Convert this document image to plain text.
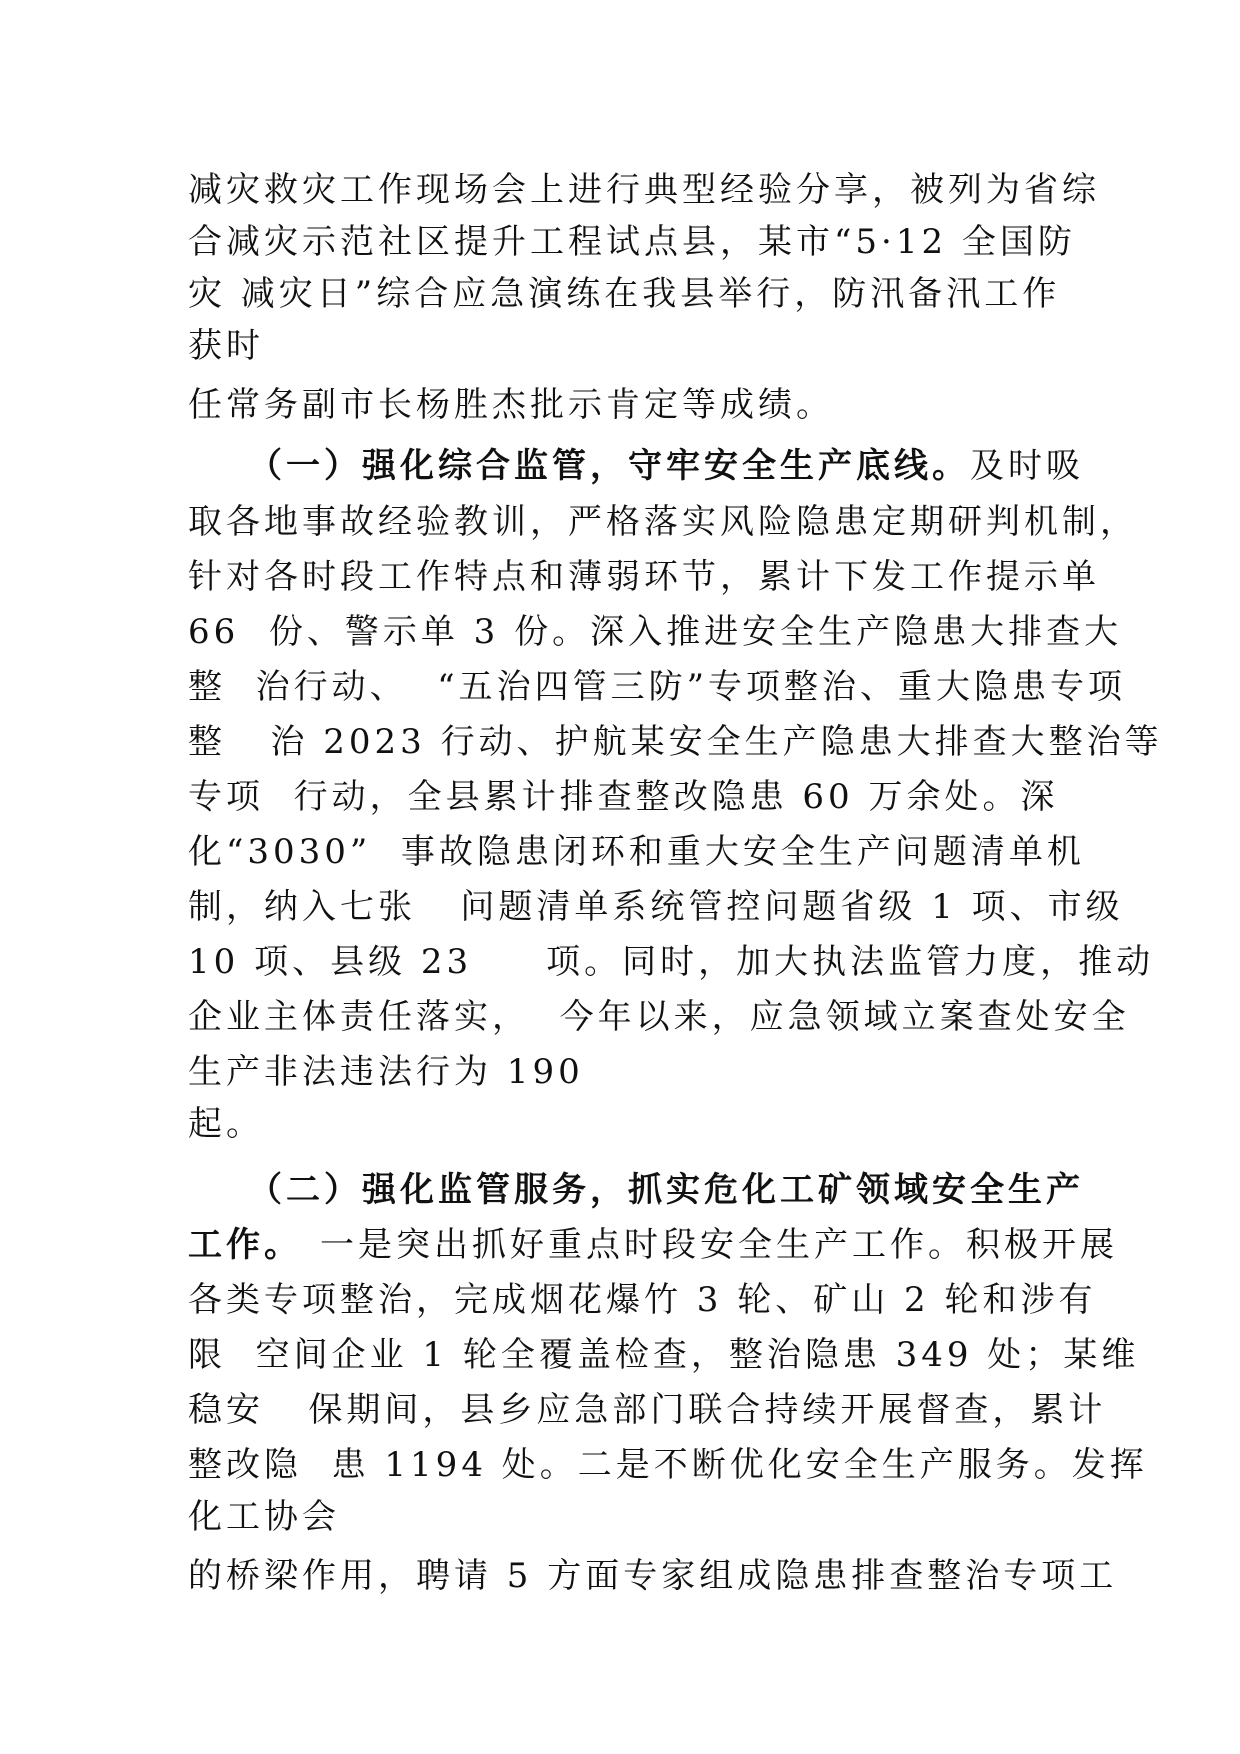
减灾救灾工作现场会上进行典型经验分享，被列为省综
合减灾示范社区提升工程试点县，某市“5·12 全国防
灾 减灾日”综合应急演练在我县举行，防汛备汛工作
获时
任常务副市长杨胜杰批示肯定等成绩。
（一）强化综合监管，守牢安全生产底线。及时吸
取各地事故经验教训，严格落实风险隐患定期研判机制，
针对各时段工作特点和薄弱环节，累计下发工作提示单
66  份、警示单 3 份。深入推进安全生产隐患大排查大
整  治行动、  “五治四管三防”专项整治、重大隐患专项
整   治 2023 行动、护航某安全生产隐患大排查大整治等
专项  行动，全县累计排查整改隐患 60 万余处。深
化“3030”  事故隐患闭环和重大安全生产问题清单机
制，纳入七张   问题清单系统管控问题省级 1 项、市级
10 项、县级 23     项。同时，加大执法监管力度，推动
企业主体责任落实，  今年以来，应急领域立案查处安全
生产非法违法行为 190
起。
（二）强化监管服务，抓实危化工矿领域安全生产
工作。 一是突出抓好重点时段安全生产工作。积极开展
各类专项整治，完成烟花爆竹 3 轮、矿山 2 轮和涉有
限  空间企业 1 轮全覆盖检查，整治隐患 349 处；某维
稳安   保期间，县乡应急部门联合持续开展督查，累计
整改隐  患 1194 处。二是不断优化安全生产服务。发挥
化工协会
的桥梁作用，聘请 5 方面专家组成隐患排查整治专项工
